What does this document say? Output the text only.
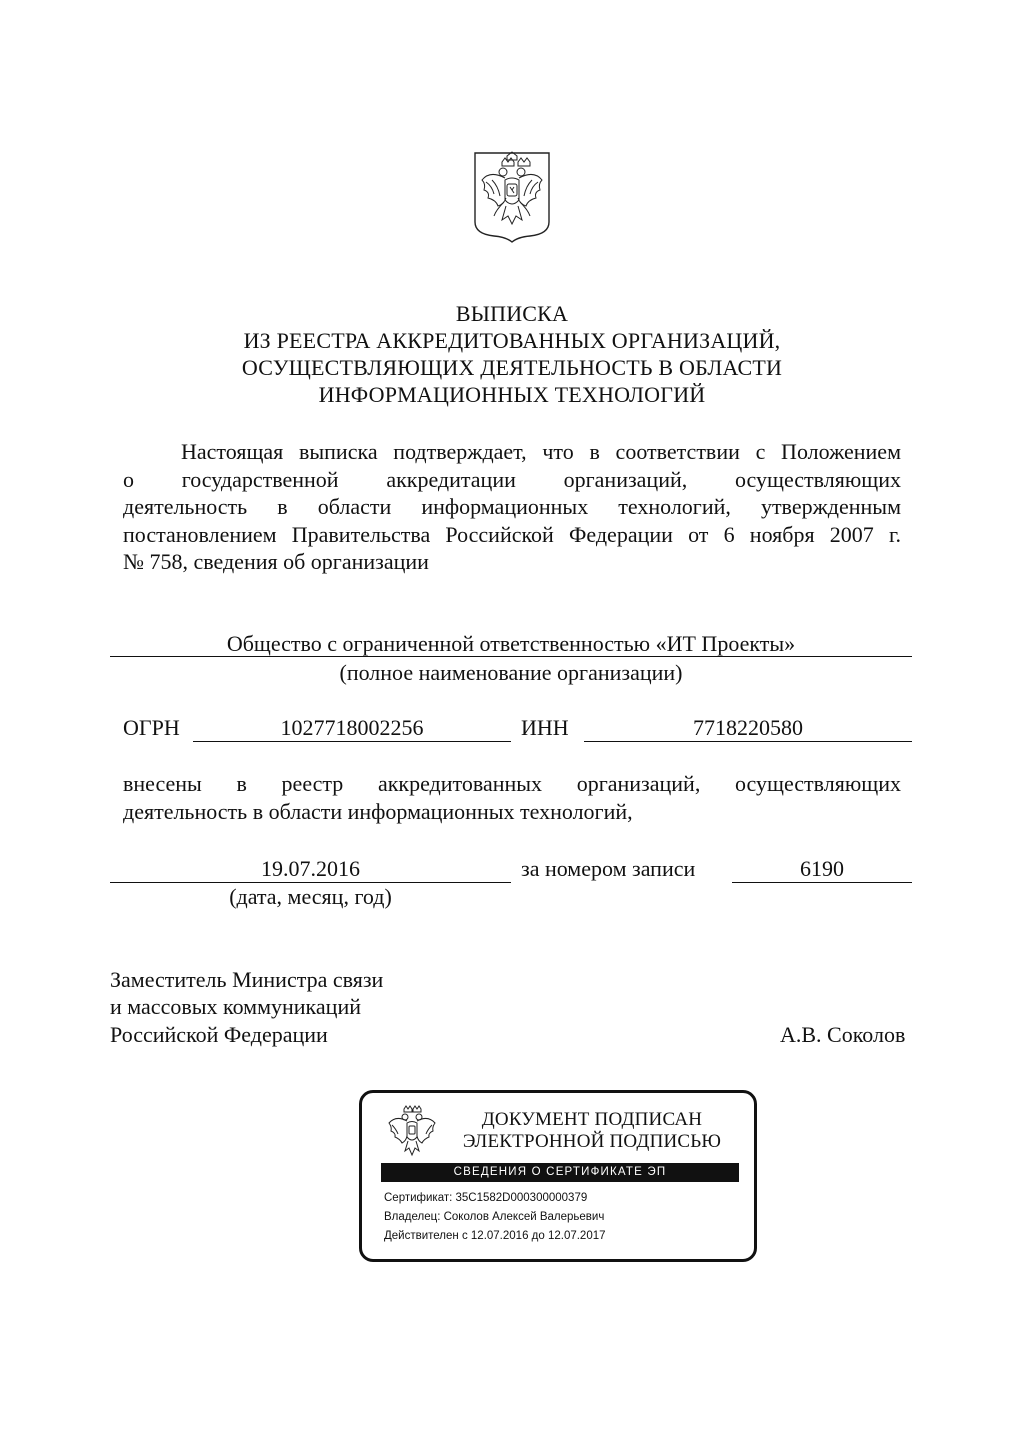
ВЫПИСКА
ИЗ РЕЕСТРА АККРЕДИТОВАННЫХ ОРГАНИЗАЦИЙ,
ОСУЩЕСТВЛЯЮЩИХ ДЕЯТЕЛЬНОСТЬ В ОБЛАСТИ
ИНФОРМАЦИОННЫХ ТЕХНОЛОГИЙ
Настоящая выписка подтверждает, что в соответствии с Положением
о государственной аккредитации организаций, осуществляющих
деятельность в области информационных технологий, утвержденным
постановлением Правительства Российской Федерации от 6 ноября 2007 г.
№ 758, сведения об организации
Общество с ограниченной ответственностью «ИТ Проекты»
(полное наименование организации)
ОГРН	1027718002256	ИНН	7718220580
внесены в реестр аккредитованных организаций, осуществляющих
деятельность в области информационных технологий,
19.07.2016
(дата, месяц, год)
за номером записи	6190
Заместитель Министра связи
и массовых коммуникаций
Российской Федерации	А.В. Соколов
ДОКУМЕНТ ПОДПИСАН
ЭЛЕКТРОННОЙ ПОДПИСЬЮ
СВЕДЕНИЯ О СЕРТИФИКАТЕ ЭП
Сертификат: 35C1582D000300000379
Владелец: Соколов Алексей Валерьевич
Действителен с 12.07.2016 до 12.07.2017
